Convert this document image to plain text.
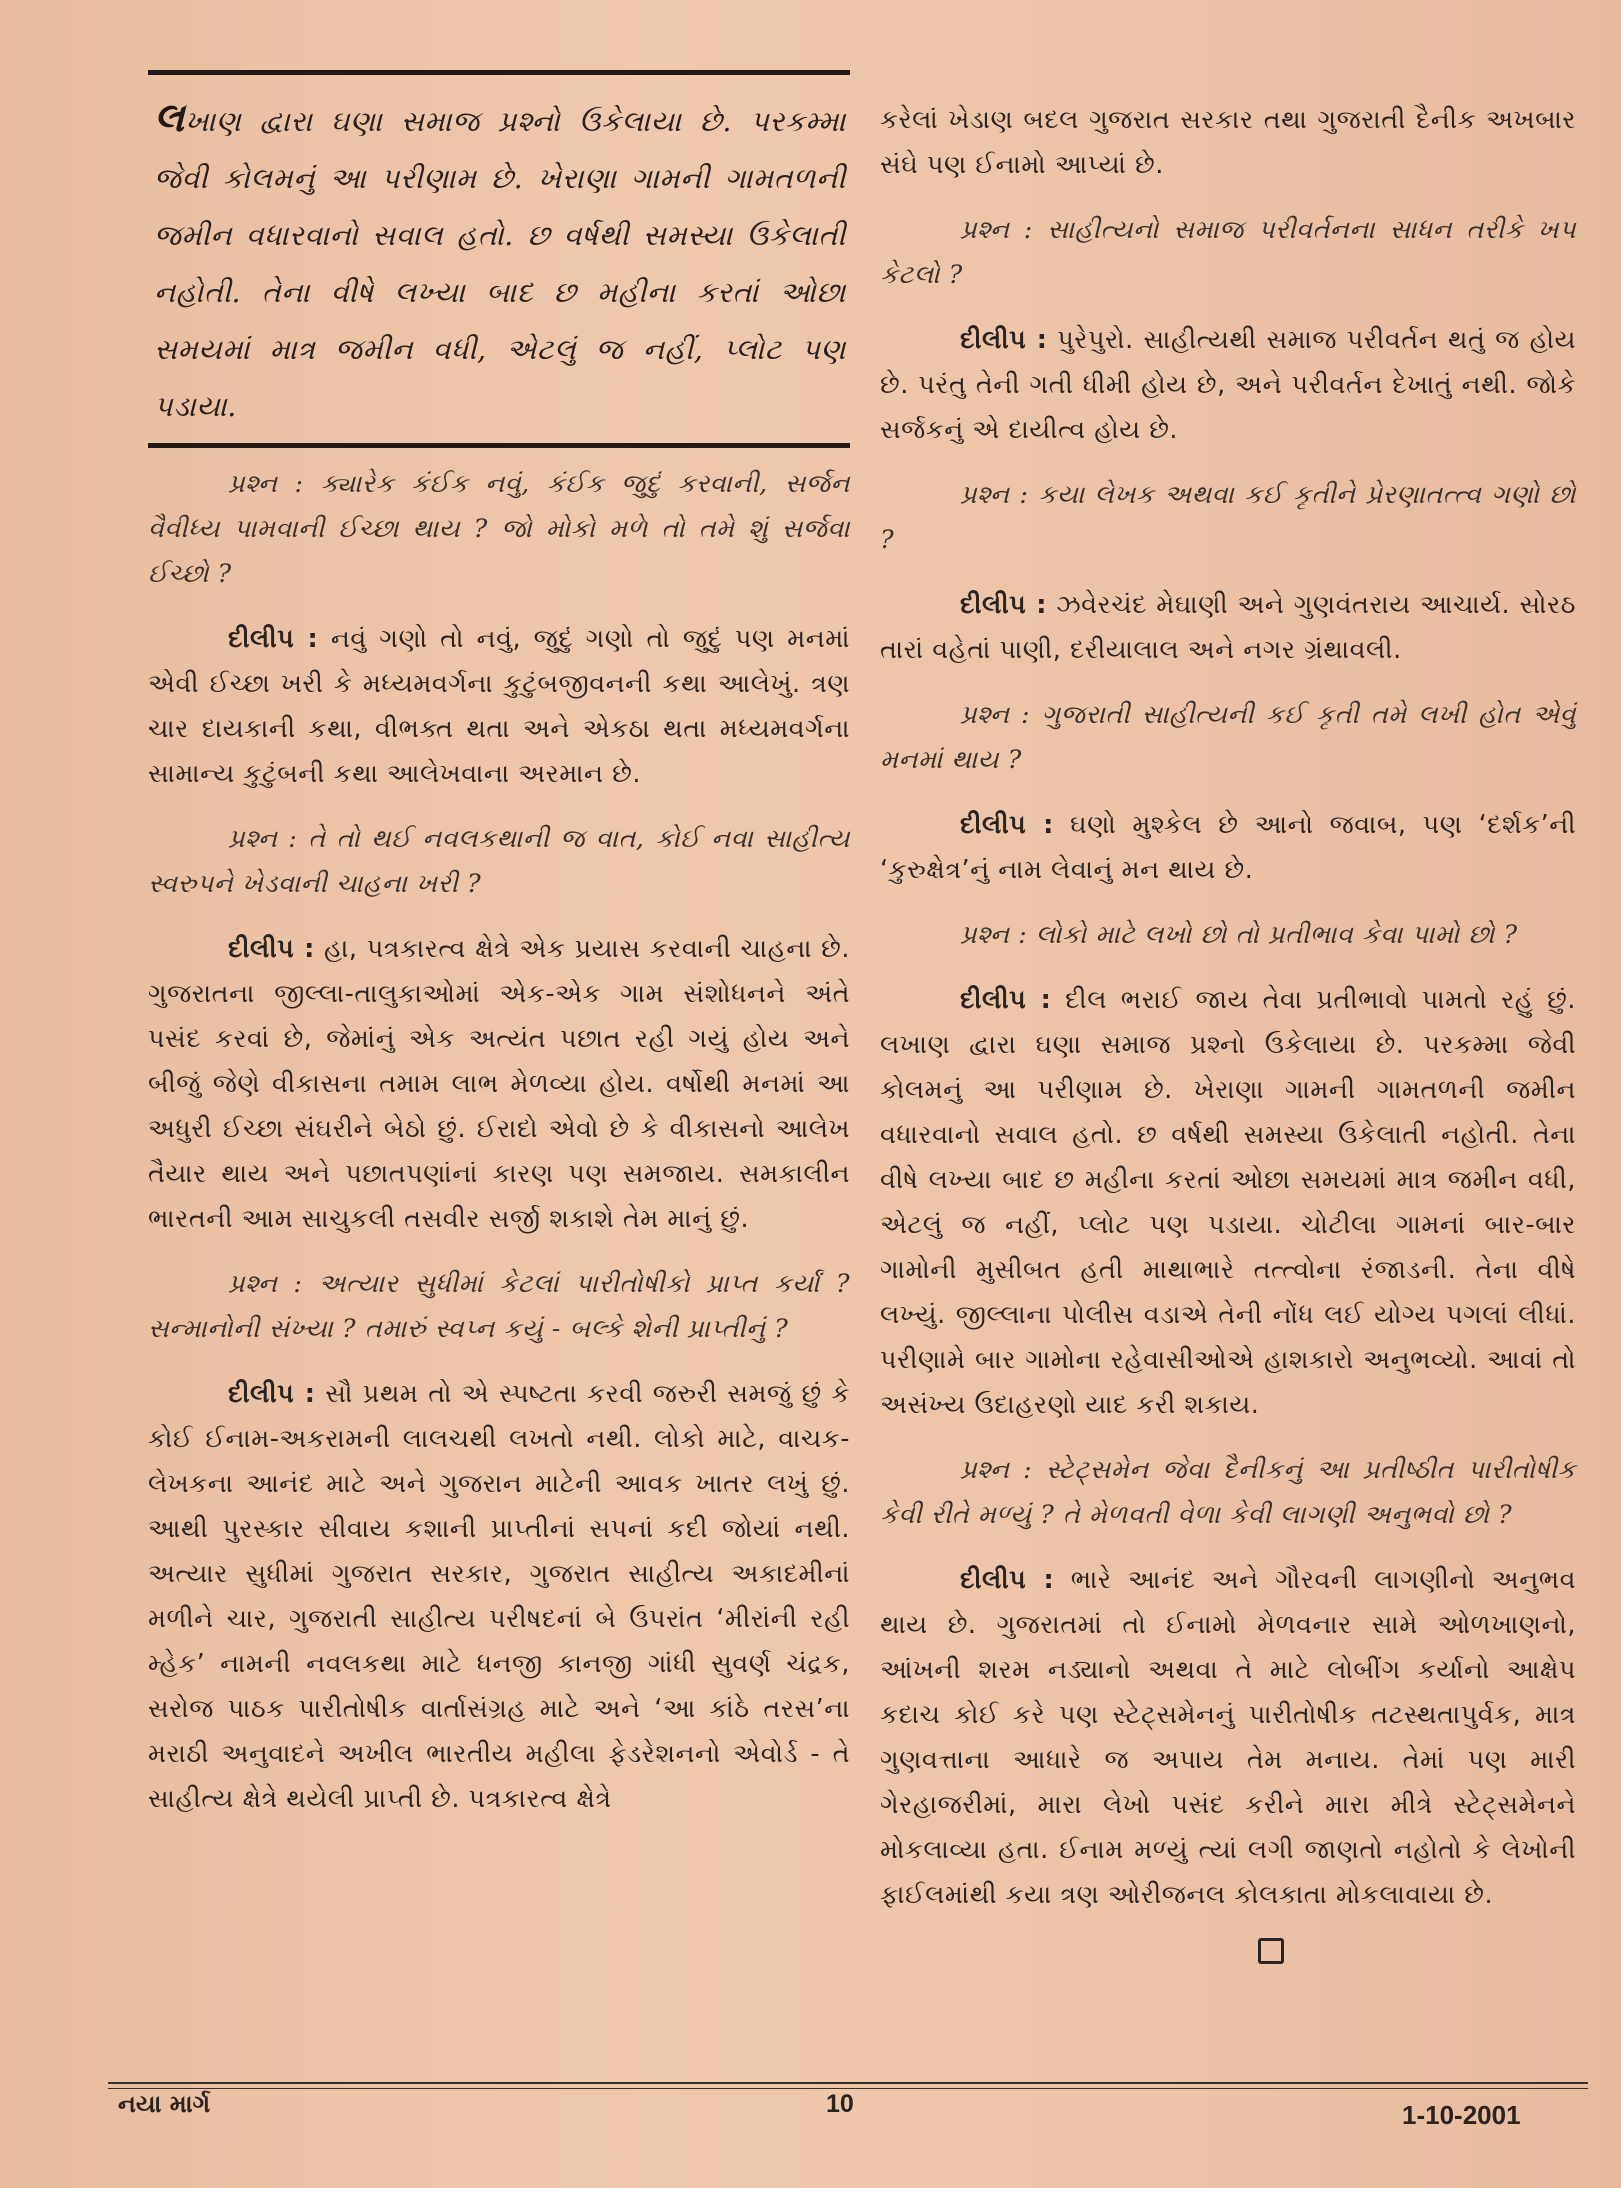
લખાણ દ્વારા ઘણા સમાજ પ્રશ્નો ઉકેલાયા છે. પરકમ્મા જેવી કોલમનું આ પરીણામ છે. ખેરાણા ગામની ગામતળની જમીન વધારવાનો સવાલ હતો. છ વર્ષથી સમસ્યા ઉકેલાતી નહોતી. તેના વીષે લખ્યા બાદ છ મહીના કરતાં ઓછા સમયમાં માત્ર જમીન વધી, એટલું જ નહીં, પ્લોટ પણ પડાયા.

પ્રશ્ન : ક્યારેક કંઈક નવું, કંઈક જુદું કરવાની, સર્જન વૈવીધ્ય પામવાની ઈચ્છા થાય ? જો મોકો મળે તો તમે શું સર્જવા ઈચ્છો ?

દીલીપ : નવું ગણો તો નવું, જુદું ગણો તો જુદું પણ મનમાં એવી ઈચ્છા ખરી કે મધ્યમવર્ગના કુટુંબજીવનની કથા આલેખું. ત્રણ ચાર દાયકાની કથા, વીભક્ત થતા અને એકઠા થતા મધ્યમવર્ગના સામાન્ય કુટુંબની કથા આલેખવાના અરમાન છે.

પ્રશ્ન : તે તો થઈ નવલકથાની જ વાત, કોઈ નવા સાહીત્ય સ્વરુપને ખેડવાની ચાહના ખરી ?

દીલીપ : હા, પત્રકારત્વ ક્ષેત્રે એક પ્રયાસ કરવાની ચાહના છે. ગુજરાતના જીલ્લા-તાલુકાઓમાં એક-એક ગામ સંશોધનને અંતે પસંદ કરવાં છે, જેમાંનું એક અત્યંત પછાત રહી ગયું હોય અને બીજું જેણે વીકાસના તમામ લાભ મેળવ્યા હોય. વર્ષોથી મનમાં આ અધુરી ઈચ્છા સંઘરીને બેઠો છું. ઈરાદો એવો છે કે વીકાસનો આલેખ તૈયાર થાય અને પછાતપણાંનાં કારણ પણ સમજાય. સમકાલીન ભારતની આમ સાચુકલી તસવીર સર્જી શકાશે તેમ માનું છું.

પ્રશ્ન : અત્યાર સુધીમાં કેટલાં પારીતોષીકો પ્રાપ્ત કર્યાં ? સન્માનોની સંખ્યા ? તમારું સ્વપ્ન કયું - બલ્કે શેની પ્રાપ્તીનું ?

દીલીપ : સૌ પ્રથમ તો એ સ્પષ્ટતા કરવી જરુરી સમજું છું કે કોઈ ઈનામ-અકરામની લાલચથી લખતો નથી. લોકો માટે, વાચક-લેખકના આનંદ માટે અને ગુજરાન માટેની આવક ખાતર લખું છું. આથી પુરસ્કાર સીવાય કશાની પ્રાપ્તીનાં સપનાં કદી જોયાં નથી. અત્યાર સુધીમાં ગુજરાત સરકાર, ગુજરાત સાહીત્ય અકાદમીનાં મળીને ચાર, ગુજરાતી સાહીત્ય પરીષદનાં બે ઉપરાંત ‘મીરાંની રહી મ્હેક’ નામની નવલકથા માટે ધનજી કાનજી ગાંધી સુવર્ણ ચંદ્રક, સરોજ પાઠક પારીતોષીક વાર્તાસંગ્રહ માટે અને ‘આ કાંઠે તરસ’ના મરાઠી અનુવાદને અખીલ ભારતીય મહીલા ફેડરેશનનો એવોર્ડ - તે સાહીત્ય ક્ષેત્રે થયેલી પ્રાપ્તી છે. પત્રકારત્વ ક્ષેત્રે

કરેલાં ખેડાણ બદલ ગુજરાત સરકાર તથા ગુજરાતી દૈનીક અખબાર સંઘે પણ ઈનામો આપ્યાં છે.

પ્રશ્ન : સાહીત્યનો સમાજ પરીવર્તનના સાધન તરીકે ખપ કેટલો ?

દીલીપ : પુરેપુરો. સાહીત્યથી સમાજ પરીવર્તન થતું જ હોય છે. પરંતુ તેની ગતી ધીમી હોય છે, અને પરીવર્તન દેખાતું નથી. જોકે સર્જકનું એ દાયીત્વ હોય છે.

પ્રશ્ન : કયા લેખક અથવા કઈ કૃતીને પ્રેરણાતત્ત્વ ગણો છો ?

દીલીપ : ઝવેરચંદ મેઘાણી અને ગુણવંતરાય આચાર્ય. સોરઠ તારાં વહેતાં પાણી, દરીયાલાલ અને નગર ગ્રંથાવલી.

પ્રશ્ન : ગુજરાતી સાહીત્યની કઈ કૃતી તમે લખી હોત એવું મનમાં થાય ?

દીલીપ : ઘણો મુશ્કેલ છે આનો જવાબ, પણ ‘દર્શક’ની ‘કુરુક્ષેત્ર’નું નામ લેવાનું મન થાય છે.

પ્રશ્ન : લોકો માટે લખો છો તો પ્રતીભાવ કેવા પામો છો ?

દીલીપ : દીલ ભરાઈ જાય તેવા પ્રતીભાવો પામતો રહું છું. લખાણ દ્વારા ઘણા સમાજ પ્રશ્નો ઉકેલાયા છે. પરકમ્મા જેવી કોલમનું આ પરીણામ છે. ખેરાણા ગામની ગામતળની જમીન વધારવાનો સવાલ હતો. છ વર્ષથી સમસ્યા ઉકેલાતી નહોતી. તેના વીષે લખ્યા બાદ છ મહીના કરતાં ઓછા સમયમાં માત્ર જમીન વધી, એટલું જ નહીં, પ્લોટ પણ પડાયા. ચોટીલા ગામનાં બાર-બાર ગામોની મુસીબત હતી માથાભારે તત્ત્વોના રંજાડની. તેના વીષે લખ્યું. જીલ્લાના પોલીસ વડાએ તેની નોંધ લઈ યોગ્ય પગલાં લીધાં. પરીણામે બાર ગામોના રહેવાસીઓએ હાશકારો અનુભવ્યો. આવાં તો અસંખ્ય ઉદાહરણો યાદ કરી શકાય.

પ્રશ્ન : સ્ટેટ્સમેન જેવા દૈનીકનું આ પ્રતીષ્ઠીત પારીતોષીક કેવી રીતે મળ્યું ? તે મેળવતી વેળા કેવી લાગણી અનુભવો છો ?

દીલીપ : ભારે આનંદ અને ગૌરવની લાગણીનો અનુભવ થાય છે. ગુજરાતમાં તો ઈનામો મેળવનાર સામે ઓળખાણનો, આંખની શરમ નડ્યાનો અથવા તે માટે લોબીંગ કર્યાનો આક્ષેપ કદાચ કોઈ કરે પણ સ્ટેટ્સમેનનું પારીતોષીક તટસ્થતાપુર્વક, માત્ર ગુણવત્તાના આધારે જ અપાય તેમ મનાય. તેમાં પણ મારી ગેરહાજરીમાં, મારા લેખો પસંદ કરીને મારા મીત્રે સ્ટેટ્સમેનને મોકલાવ્યા હતા. ઈનામ મળ્યું ત્યાં લગી જાણતો નહોતો કે લેખોની ફાઈલમાંથી કયા ત્રણ ઓરીજનલ કોલકાતા મોકલાવાયા છે.

નયા માર્ગ	10	1-10-2001
